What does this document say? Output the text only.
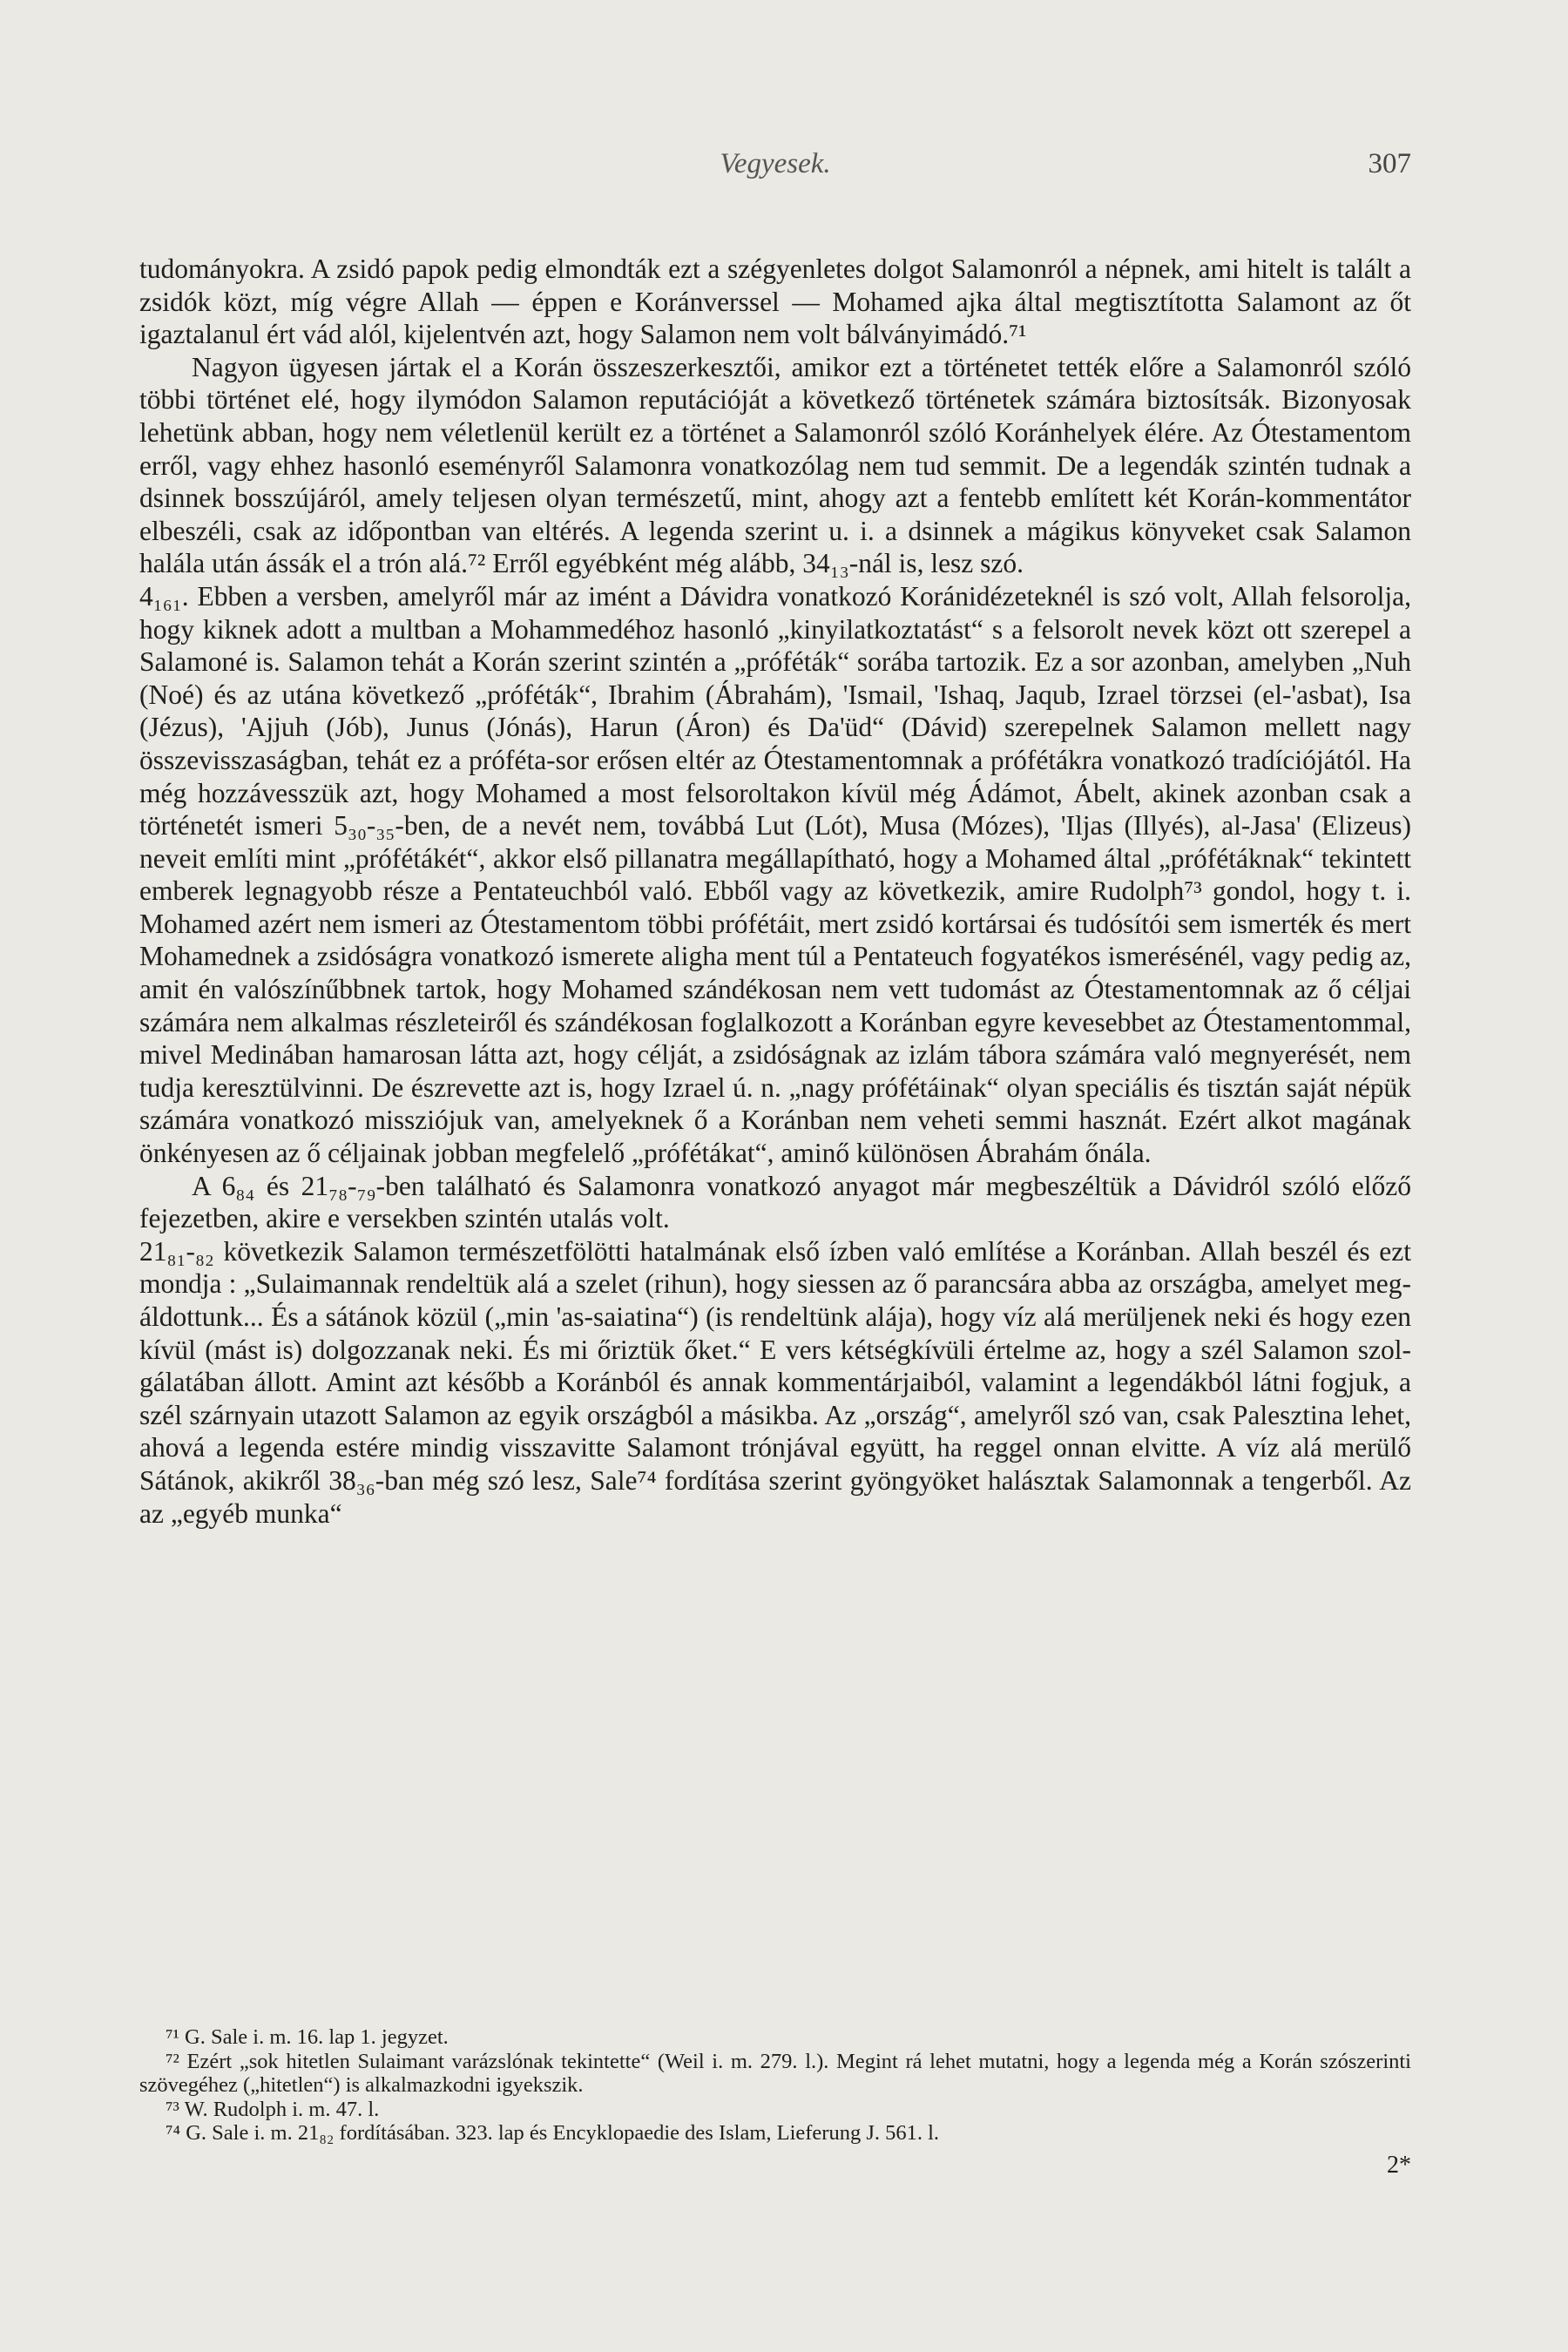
Vegyesek.	307

tudományokra. A zsidó papok pedig elmondták ezt a szégyenletes dolgot Salamonról a népnek, ami hitelt is talált a zsidók közt, míg végre Allah — éppen e Koránverssel — Mohamed ajka által megtisztította Salamont az őt igaztalanul ért vád alól, kijelentvén azt, hogy Salamon nem volt bálványimádó.⁷¹

Nagyon ügyesen jártak el a Korán összeszerkesztői, amikor ezt a történetet tették előre a Salamonról szóló többi történet elé, hogy ilymódon Salamon reputációját a következő történetek számára biztosítsák. Bizonyosak lehetünk abban, hogy nem véletlenül került ez a történet a Salamonról szóló Koránhelyek élére. Az Ótestamentom erről, vagy ehhez hasonló eseményről Salamonra vonatkozólag nem tud semmit. De a legendák szintén tudnak a dsinnek bosszújáról, amely teljesen olyan természetű, mint, ahogy azt a fentebb említett két Korán-kommentátor elbeszéli, csak az időpontban van eltérés. A legenda szerint u. i. a dsinnek a mágikus könyveket csak Salamon halála után ássák el a trón alá.⁷² Erről egyébként még alább, 34₁₃-nál is, lesz szó.

4₁₆₁. Ebben a versben, amelyről már az imént a Dávidra vonatkozó Koránidézeteknél is szó volt, Allah felsorolja, hogy kiknek adott a multban a Mohammedéhoz hasonló „kinyilatkoztatást“ s a felsorolt nevek közt ott szerepel a Salamoné is. Salamon tehát a Korán szerint szintén a „próféták“ sorába tartozik. Ez a sor azonban, amelyben „Nuh (Noé) és az utána következő „próféták“, Ibrahim (Ábrahám), 'Ismail, 'Ishaq, Jaqub, Izrael törzsei (el-'asbat), Isa (Jézus), 'Ajjuh (Jób), Junus (Jónás), Harun (Áron) és Da'üd“ (Dávid) szerepelnek Salamon mellett nagy összevisszaságban, tehát ez a próféta-sor erősen eltér az Ótestamentomnak a prófétákra vonatkozó tradíciójától. Ha még hozzávesszük azt, hogy Mohamed a most felsoroltakon kívül még Ádámot, Ábelt, akinek azonban csak a történetét ismeri 5₃₀-₃₅-ben, de a nevét nem, továbbá Lut (Lót), Musa (Mózes), 'Iljas (Illyés), al-Jasa' (Elizeus) neveit említi mint „prófétákét“, akkor első pillanatra megállapítható, hogy a Mohamed által „prófétáknak“ tekintett emberek legnagyobb része a Pentateuchból való. Ebből vagy az következik, amire Rudolph⁷³ gondol, hogy t. i. Mohamed azért nem ismeri az Ótestamentom többi prófétáit, mert zsidó kortársai és tudósítói sem ismerték és mert Mohamednek a zsidóságra vonatkozó ismerete aligha ment túl a Pentateuch fogyatékos ismerésénél, vagy pedig az, amit én valószínűbbnek tartok, hogy Mohamed szándékosan nem vett tudomást az Ótestamentomnak az ő céljai számára nem alkalmas részleteiről és szándékosan foglalkozott a Koránban egyre kevesebbet az Ótestamentommal, mivel Medinában hamarosan látta azt, hogy célját, a zsidóságnak az izlám tábora számára való megnyerését, nem tudja keresztülvinni. De észrevette azt is, hogy Izrael ú. n. „nagy prófétáinak“ olyan speciális és tisztán saját népük számára vonatkozó missziójuk van, amelyeknek ő a Koránban nem veheti semmi hasznát. Ezért alkot magának önkényesen az ő céljainak jobban megfelelő „prófétákat“, aminő különösen Ábrahám őnála.

A 6₈₄ és 21₇₈-₇₉-ben található és Salamonra vonatkozó anyagot már megbeszéltük a Dávidról szóló előző fejezetben, akire e versekben szintén utalás volt.

21₈₁-₈₂ következik Salamon természetfölötti hatalmának első ízben való említése a Koránban. Allah beszél és ezt mondja : „Sulaimannak rendeltük alá a szelet (rihun), hogy siessen az ő parancsára abba az országba, amelyet megáldottunk... És a sátánok közül („min 'as-saiatina“) (is rendeltünk alája), hogy víz alá merüljenek neki és hogy ezen kívül (mást is) dolgozzanak neki. És mi őriztük őket.“ E vers kétségkívüli értelme az, hogy a szél Salamon szolgálatában állott. Amint azt később a Koránból és annak kommentárjaiból, valamint a legendákból látni fogjuk, a szél szárnyain utazott Salamon az egyik országból a másikba. Az „ország“, amelyről szó van, csak Palesztina lehet, ahová a legenda estére mindig visszavitte Salamont trónjával együtt, ha reggel onnan elvitte. A víz alá merülő Sátánok, akikről 38₃₆-ban még szó lesz, Sale⁷⁴ fordítása szerint gyöngyöket halásztak Salamonnak a tengerből. Az az „egyéb munka“

⁷¹ G. Sale i. m. 16. lap 1. jegyzet.

⁷² Ezért „sok hitetlen Sulaimant varázslónak tekintette“ (Weil i. m. 279. l.). Megint rá lehet mutatni, hogy a legenda még a Korán szószerinti szövegéhez („hitetlen“) is alkalmazkodni igyekszik.

⁷³ W. Rudolph i. m. 47. l.

⁷⁴ G. Sale i. m. 21₈₂ fordításában. 323. lap és Encyklopaedie des Islam, Lieferung J. 561. l.

2*
